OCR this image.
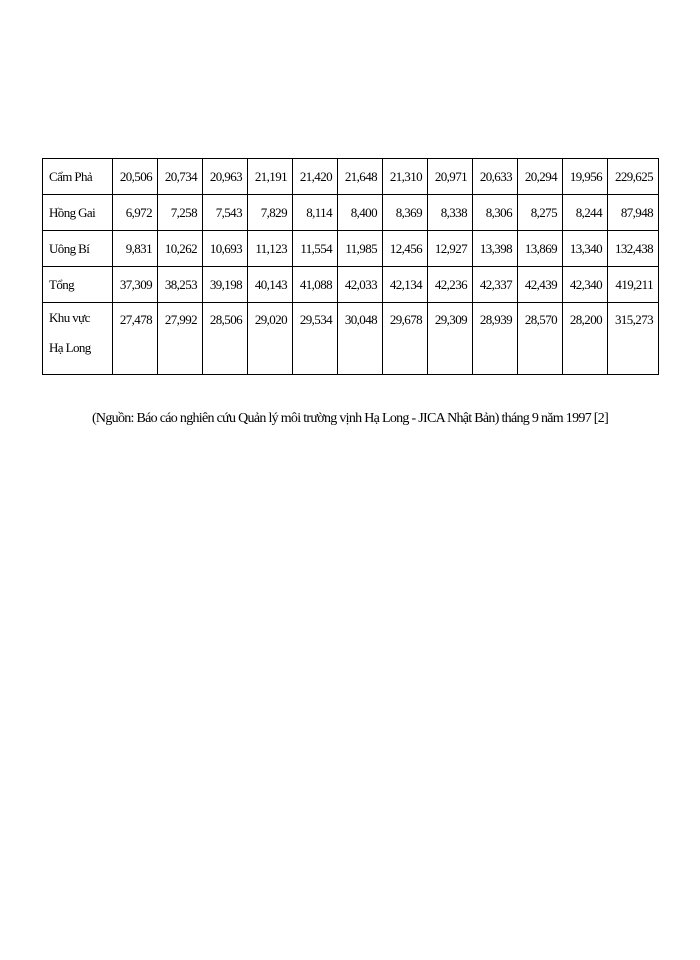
Cẩm Phả	20,506	20,734	20,963	21,191	21,420	21,648	21,310	20,971	20,633	20,294	19,956	229,625
Hồng Gai	6,972	7,258	7,543	7,829	8,114	8,400	8,369	8,338	8,306	8,275	8,244	87,948
Uông Bí	9,831	10,262	10,693	11,123	11,554	11,985	12,456	12,927	13,398	13,869	13,340	132,438
Tổng	37,309	38,253	39,198	40,143	41,088	42,033	42,134	42,236	42,337	42,439	42,340	419,211

Khu vực
Hạ Long	27,478	27,992	28,506	29,020	29,534	30,048	29,678	29,309	28,939	28,570	28,200	315,273
(Nguồn: Báo cáo nghiên cứu Quản lý môi trường vịnh Hạ Long - JICA Nhật Bản) tháng 9 năm 1997 [2]
